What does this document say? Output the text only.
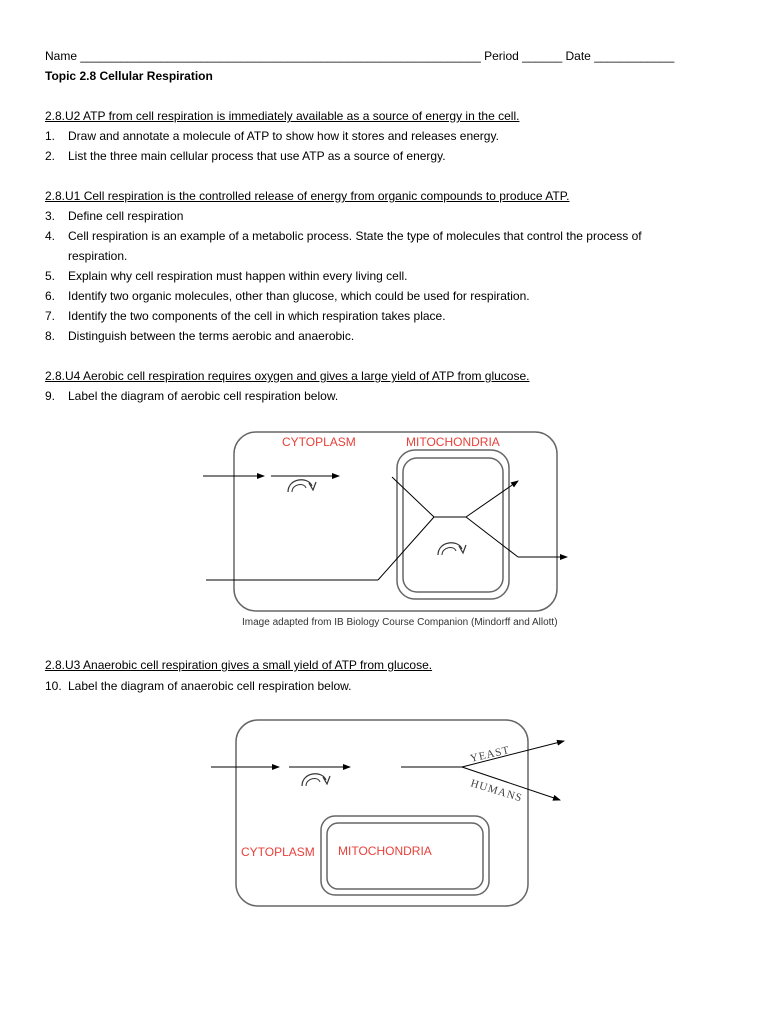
Name ____________________________________________________________ Period ______ Date ____________
Topic 2.8 Cellular Respiration
2.8.U2 ATP from cell respiration is immediately available as a source of energy in the cell.
1. Draw and annotate a molecule of ATP to show how it stores and releases energy.
2. List the three main cellular process that use ATP as a source of energy.
2.8.U1 Cell respiration is the controlled release of energy from organic compounds to produce ATP.
3. Define cell respiration
4. Cell respiration is an example of a metabolic process. State the type of molecules that control the process of
respiration.
5. Explain why cell respiration must happen within every living cell.
6. Identify two organic molecules, other than glucose, which could be used for respiration.
7. Identify the two components of the cell in which respiration takes place.
8. Distinguish between the terms aerobic and anaerobic.
2.8.U4 Aerobic cell respiration requires oxygen and gives a large yield of ATP from glucose.
9. Label the diagram of aerobic cell respiration below.
2.8.U3 Anaerobic cell respiration gives a small yield of ATP from glucose.
10. Label the diagram of anaerobic cell respiration below.
CYTOPLASM	MITOCHONDRIA
Image adapted from IB Biology Course Companion (Mindorff and Allott)
CYTOPLASM MITOCHONDRIA
YEAST
HUMANS
